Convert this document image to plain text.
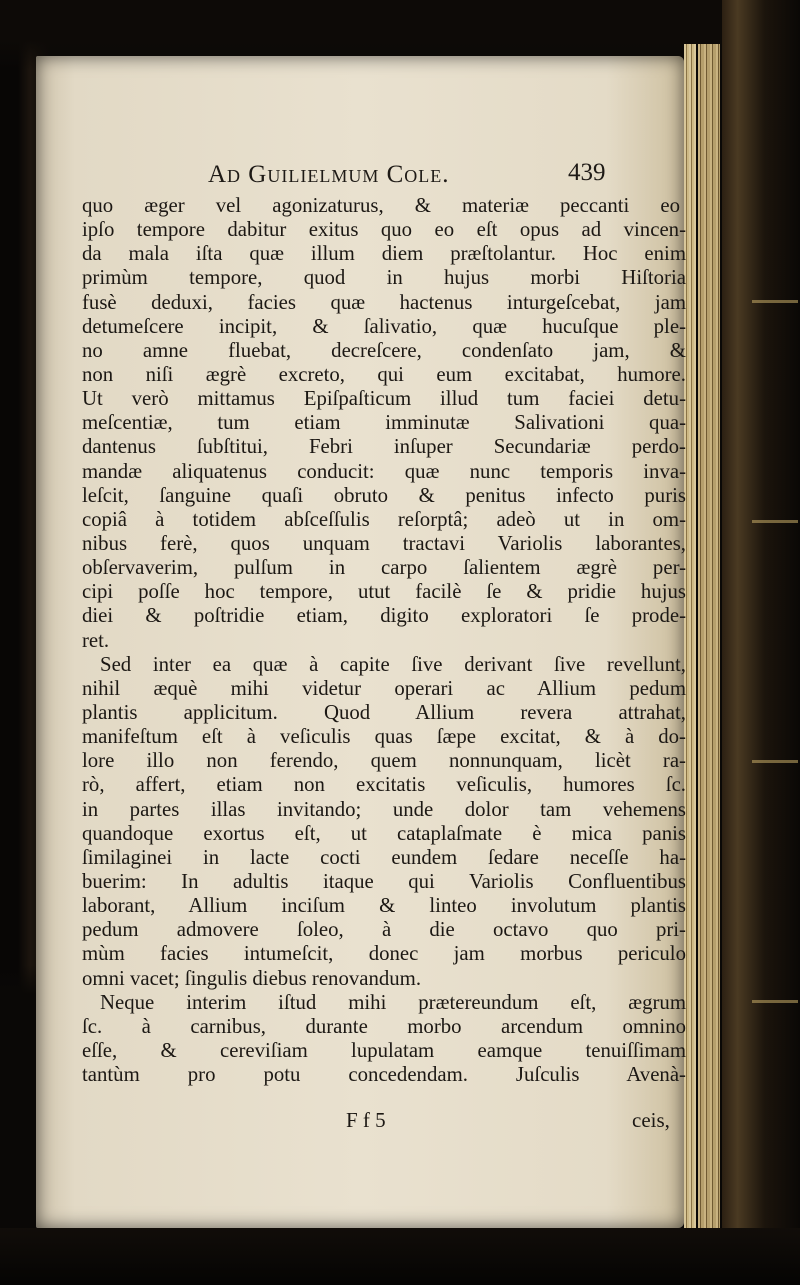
Ad Guilielmum Cole.	439
quo æger vel agonizaturus, & materiæ peccanti eo
ipſo tempore dabitur exitus quo eo eſt opus ad vincen-
da mala iſta quæ illum diem præſtolantur. Hoc enim
primùm tempore, quod in hujus morbi Hiſtoria
fusè deduxi, facies quæ hactenus inturgeſcebat, jam
detumeſcere incipit, & ſalivatio, quæ hucuſque ple-
no amne fluebat, decreſcere, condenſato jam, &
non niſi ægrè excreto, qui eum excitabat, humore.
Ut verò mittamus Epiſpaſticum illud tum faciei detu-
meſcentiæ, tum etiam imminutæ Salivationi qua-
dantenus ſubſtitui, Febri inſuper Secundariæ perdo-
mandæ aliquatenus conducit: quæ nunc temporis inva-
leſcit, ſanguine quaſi obruto & penitus infecto puris
copiâ à totidem abſceſſulis reſorptâ; adeò ut in om-
nibus ferè, quos unquam tractavi Variolis laborantes,
obſervaverim, pulſum in carpo ſalientem ægrè per-
cipi poſſe hoc tempore, utut facilè ſe & pridie hujus
diei & poſtridie etiam, digito exploratori ſe prode-
ret.
Sed inter ea quæ à capite ſive derivant ſive revellunt,
nihil æquè mihi videtur operari ac Allium pedum
plantis applicitum. Quod Allium revera attrahat,
manifeſtum eſt à veſiculis quas ſæpe excitat, & à do-
lore illo non ferendo, quem nonnunquam, licèt ra-
rò, affert, etiam non excitatis veſiculis, humores ſc.
in partes illas invitando; unde dolor tam vehemens
quandoque exortus eſt, ut cataplaſmate è mica panis
ſimilaginei in lacte cocti eundem ſedare neceſſe ha-
buerim: In adultis itaque qui Variolis Confluentibus
laborant, Allium inciſum & linteo involutum plantis
pedum admovere ſoleo, à die octavo quo pri-
mùm facies intumeſcit, donec jam morbus periculo
omni vacet; ſingulis diebus renovandum.
Neque interim iſtud mihi prætereundum eſt, ægrum
ſc. à carnibus, durante morbo arcendum omnino
eſſe, & cereviſiam lupulatam eamque tenuiſſimam
tantùm pro potu concedendam. Juſculis Avenà-
F f 5	ceis,
